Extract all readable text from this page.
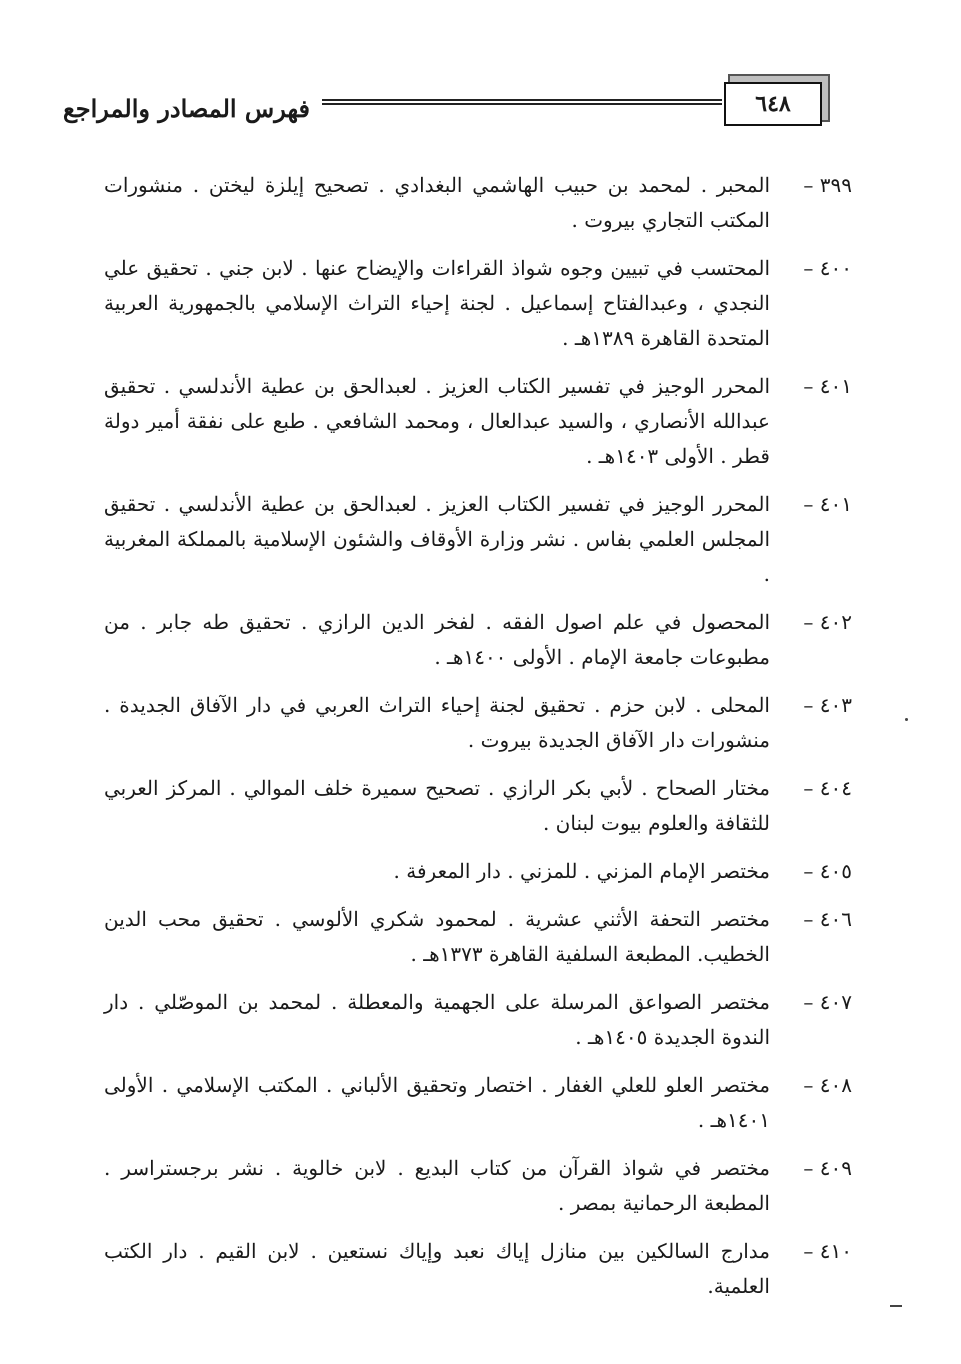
٦٤٨
فهرس المصادر والمراجع
٣٩٩ –
المحبر . لمحمد بن حبيب الهاشمي البغدادي . تصحيح إيلزة ليختن . منشورات المكتب التجاري بيروت .
٤٠٠ –
المحتسب في تبيين وجوه شواذ القراءات والإيضاح عنها . لابن جني . تحقيق علي النجدي ، وعبدالفتاح إسماعيل . لجنة إحياء التراث الإسلامي بالجمهورية العربية المتحدة القاهرة ١٣٨٩هـ .
٤٠١ –
المحرر الوجيز في تفسير الكتاب العزيز . لعبدالحق بن عطية الأندلسي . تحقيق عبدالله الأنصاري ، والسيد عبدالعال ، ومحمد الشافعي . طبع على نفقة أمير دولة قطر . الأولى ١٤٠٣هـ .
٤٠١ –
المحرر الوجيز في تفسير الكتاب العزيز . لعبدالحق بن عطية الأندلسي . تحقيق المجلس العلمي بفاس . نشر وزارة الأوقاف والشئون الإسلامية بالمملكة المغربية .
٤٠٢ –
المحصول في علم اصول الفقه . لفخر الدين الرازي . تحقيق طه جابر . من مطبوعات جامعة الإمام . الأولى ١٤٠٠هـ .
٤٠٣ –
المحلى . لابن حزم . تحقيق لجنة إحياء التراث العربي في دار الآفاق الجديدة . منشورات دار الآفاق الجديدة بيروت .
٤٠٤ –
مختار الصحاح . لأبي بكر الرازي . تصحيح سميرة خلف الموالي . المركز العربي للثقافة والعلوم بيوت لبنان .
٤٠٥ –
مختصر الإمام المزني . للمزني . دار المعرفة .
٤٠٦ –
مختصر التحفة الأثني عشرية . لمحمود شكري الألوسي . تحقيق محب الدين الخطيب. المطبعة السلفية القاهرة ١٣٧٣هـ .
٤٠٧ –
مختصر الصواعق المرسلة على الجهمية والمعطلة . لمحمد بن الموصّلي . دار الندوة الجديدة ١٤٠٥هـ .
٤٠٨ –
مختصر العلو للعلي الغفار . اختصار وتحقيق الألباني . المكتب الإسلامي . الأولى ١٤٠١هـ .
٤٠٩ –
مختصر في شواذ القرآن من كتاب البديع . لابن خالوية . نشر برجستراسر . المطبعة الرحمانية بمصر .
٤١٠ –
مدارج السالكين بين منازل إياك نعبد وإياك نستعين . لابن القيم . دار الكتب العلمية.
